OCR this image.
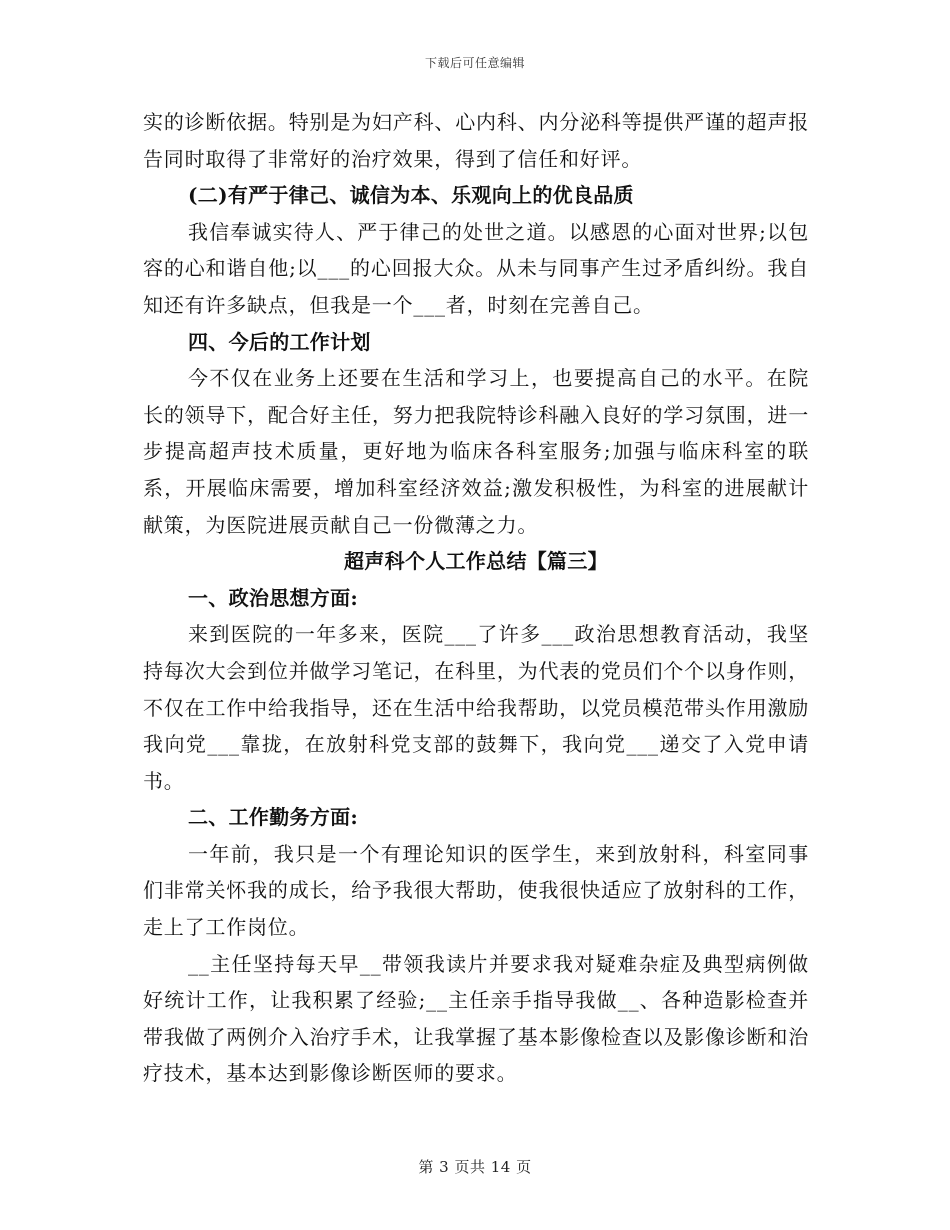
下载后可任意编辑

实的诊断依据。特别是为妇产科、心内科、内分泌科等提供严谨的超声报告同时取得了非常好的治疗效果，得到了信任和好评。

(二)有严于律己、诚信为本、乐观向上的优良品质

我信奉诚实待人、严于律己的处世之道。以感恩的心面对世界;以包容的心和谐自他;以___的心回报大众。从未与同事产生过矛盾纠纷。我自知还有许多缺点，但我是一个___者，时刻在完善自己。

四、今后的工作计划

今不仅在业务上还要在生活和学习上，也要提高自己的水平。在院长的领导下，配合好主任，努力把我院特诊科融入良好的学习氛围，进一步提高超声技术质量，更好地为临床各科室服务;加强与临床科室的联系，开展临床需要，增加科室经济效益;激发积极性，为科室的进展献计献策，为医院进展贡献自己一份微薄之力。

超声科个人工作总结【篇三】

一、政治思想方面:

来到医院的一年多来，医院___了许多___政治思想教育活动，我坚持每次大会到位并做学习笔记，在科里，为代表的党员们个个以身作则，不仅在工作中给我指导，还在生活中给我帮助，以党员模范带头作用激励我向党___靠拢，在放射科党支部的鼓舞下，我向党___递交了入党申请书。

二、工作勤务方面:

一年前，我只是一个有理论知识的医学生，来到放射科，科室同事们非常关怀我的成长，给予我很大帮助，使我很快适应了放射科的工作，走上了工作岗位。

__主任坚持每天早__带领我读片并要求我对疑难杂症及典型病例做好统计工作，让我积累了经验;__主任亲手指导我做__、各种造影检查并带我做了两例介入治疗手术，让我掌握了基本影像检查以及影像诊断和治疗技术，基本达到影像诊断医师的要求。

第 3 页共 14 页
